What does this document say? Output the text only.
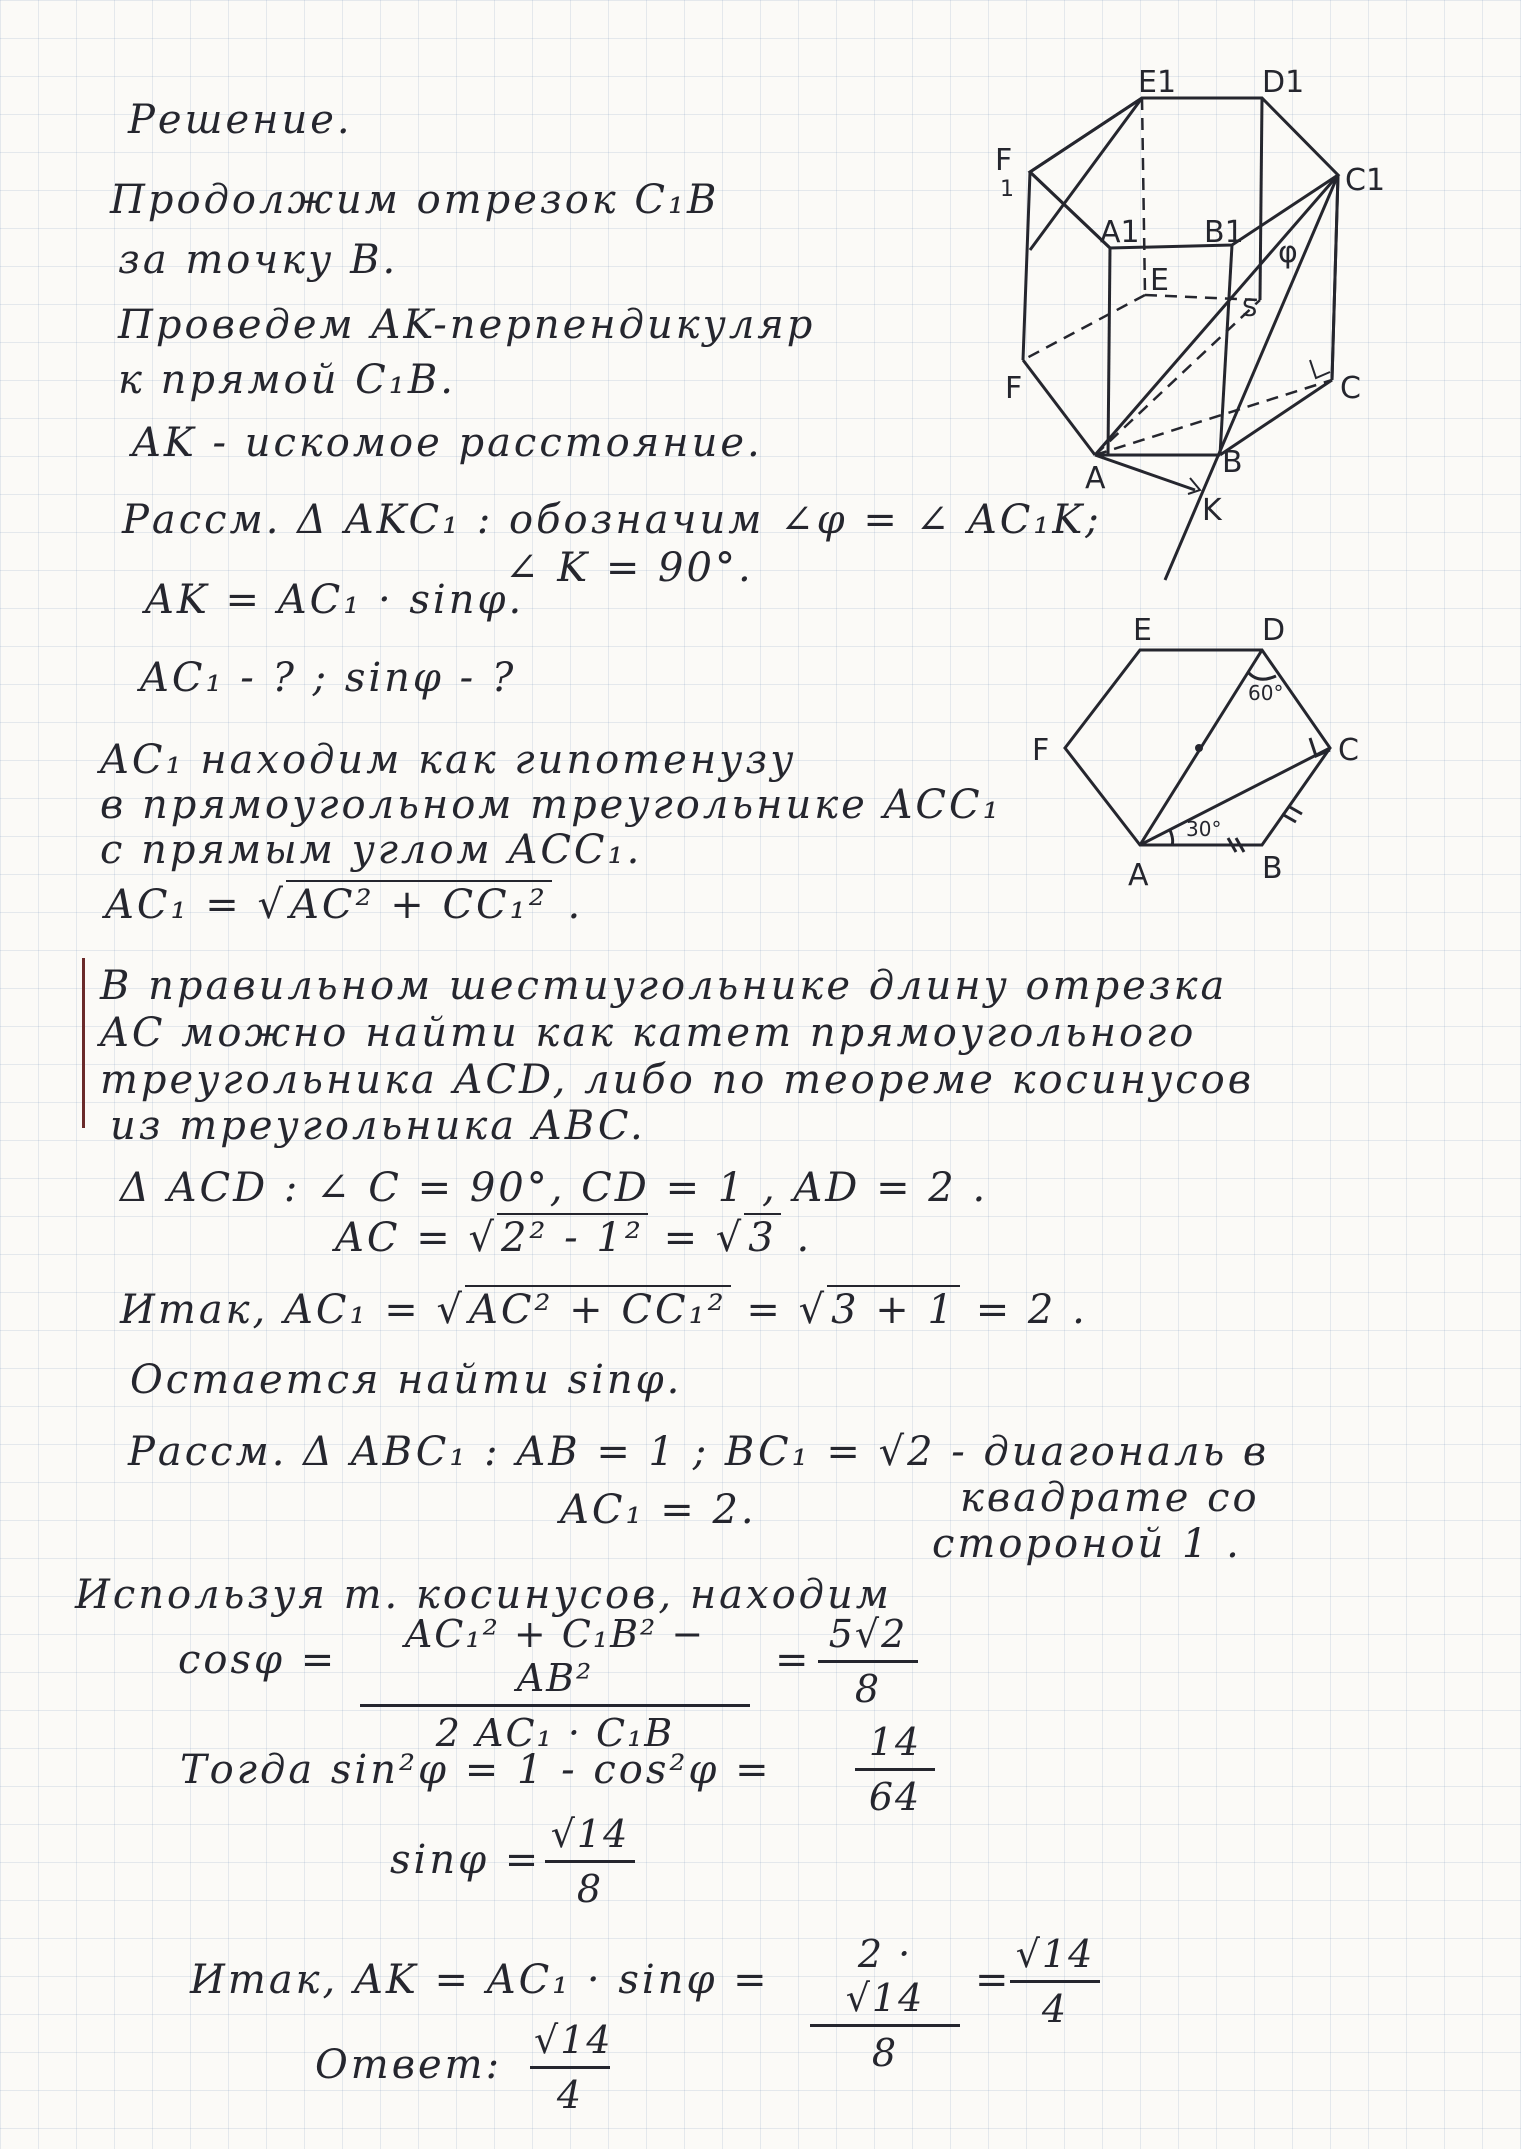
Решение.
Продолжим отрезок C₁B
за точку B.
Проведем AK-перпендикуляр
к прямой C₁B.
AK - искомое расстояние.
Рассм. Δ AKC₁ : обозначим ∠φ = ∠ AC₁K;
∠ K = 90°.
AK = AC₁ · sinφ.
AC₁ - ? ; sinφ - ?
AC₁ находим как гипотенузу
в прямоугольном треугольнике ACC₁
с прямым углом ACC₁.
AC₁ = √ AC² + CC₁² .
В правильном шестиугольнике длину отрезка
AC можно найти как катет прямоугольного
треугольника ACD, либо по теореме косинусов
из треугольника ABC.
Δ ACD : ∠ C = 90°, CD = 1 , AD = 2 .
AC = √ 2² - 1² = √ 3 .
Итак, AC₁ = √ AC² + CC₁² = √ 3 + 1 = 2 .
Остается найти sinφ.
Рассм. Δ ABC₁ : AB = 1 ; BC₁ = √2 - диагональ в
AC₁ = 2.	квадрате со
стороной 1 .
Используя т. косинусов, находим
$\cos\varphi = \frac{\text{AC₁² + C₁B² − AB²}}{\text{2 AC₁ · C₁B}} = \frac{5√2}{8}$
Тогда $\sin^2\varphi = 1 - \cos^2\varphi = \frac{14}{64}$
$\sin\varphi = \frac{√14}{8}$
Итак, AK = $AC_1 \cdot \sin\varphi = \frac{2 \cdot √14}{8}$ =
$\frac{√14}{4}$
Ответ: $\frac{√14}{4}$
E1	D1
F
1	C1
A1 B1
E
S
φ
F	C
A	B
K
E	D
F	C
A	B
60°
30°
